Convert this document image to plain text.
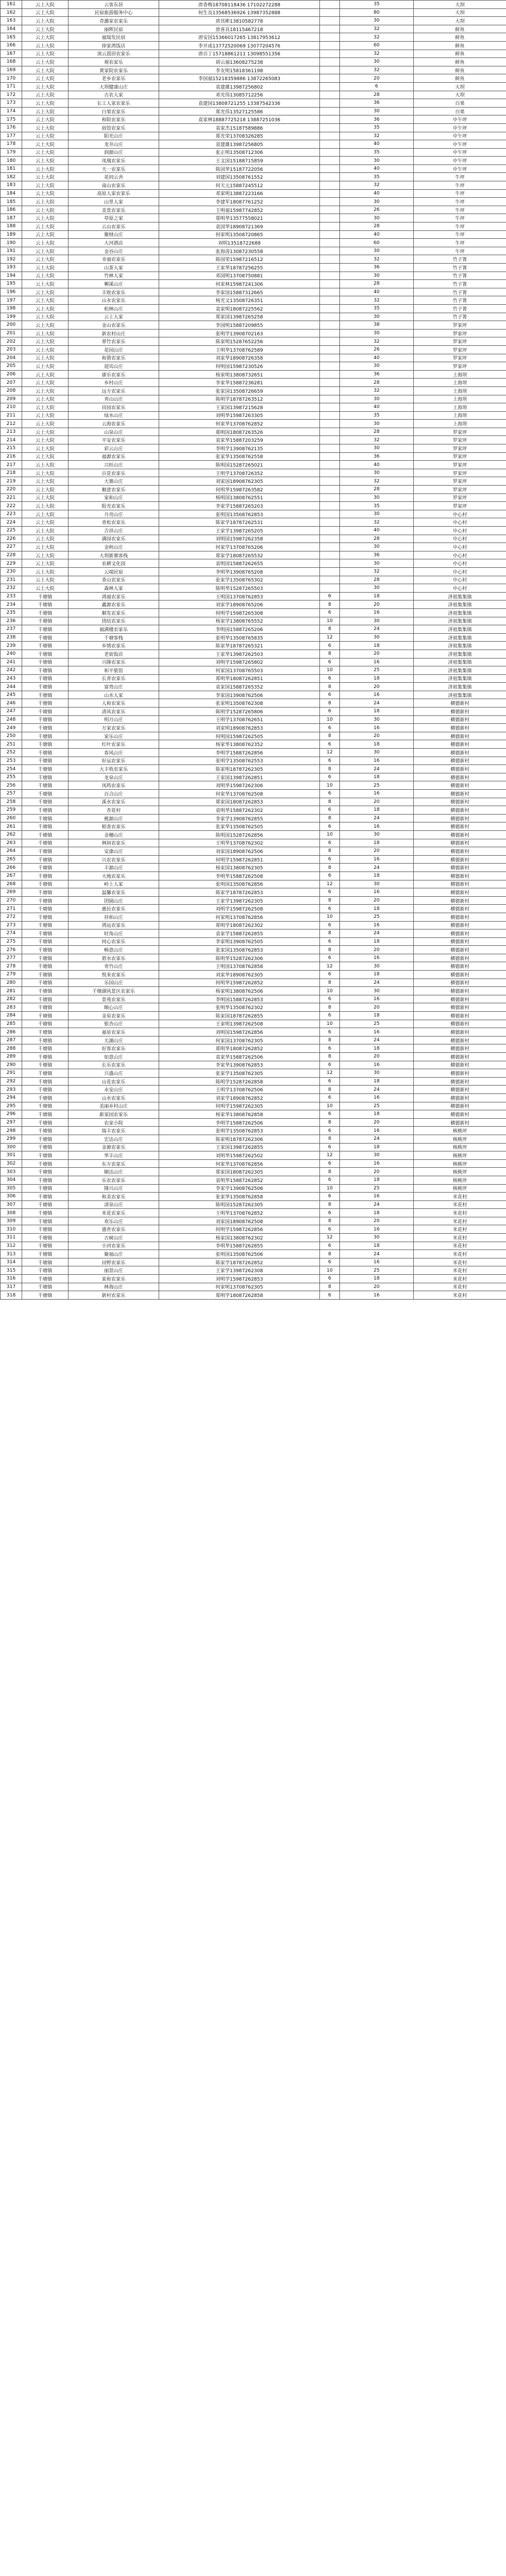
161	云上大院	云客东居	唐香梅18708118436 17102272288		35	大坝
162	云上大院	民宿旅游服务中心	何生良13568536926 13987352888		80	大坝
163	云上大院	奇潞家农家乐	唐其彬13810582778		30	大坝
164	云上大院	丽晖民宿	唐喜良18115467218		32	鲜鱼
165	云上大院	福瑞发民宿	唐安国15366017265 13817953612		32	鲜鱼
166	云上大院	徐家湾饭店	李开成13772520069 13077204576		60	鲜鱼
167	云上大院	顶云晨居农家乐	唐百丁15718861211 13098551356		32	鲜鱼
168	云上大院	观农家乐	胡云福13608275238		30	鲜鱼
169	云上大院	黄家院农家乐	李友明15818361198		32	鲜鱼
170	云上大院	老乡农家乐	李国福15218359886 13872265083		20	鲜鱼
171	云上大院	大坝健康山庄	袁建雄13987256802		6	大坝
172	云上大院	古农人家	邓光伟13085712256		28	大坝
173	云上大院	长工人家农家乐	袁建国13808721255 13387542336		36	白果
174	云上大院	白果农家乐	郑光伟13527125586		30	白果
175	云上大院	和院农家乐	袁家林18887725218 13887251036		36	中午坪
176	云上大院	宿馆农家乐	袁家杰15187589886		35	中午坪
177	云上大院	阳光山庄	郑光荣13708326285		32	中午坪
178	云上大院	龙井山庄	袁建雄13987256805		40	中午坪
179	云上大院	润源山庄	张正明13508712306		35	中午坪
180	云上大院	凤凰农家乐	王文国15188715859		30	中午坪
181	云上大院	天一农家乐	陈国华15187722056		40	中午坪
182	云上大院	花间云舍	刘建国13508761552		35	牛坪
183	云上大院	南山农家乐	何天元15887245512		32	牛坪
184	云上大院	高原人家农家乐	邓家明13887223166		40	牛坪
185	云上大院	山里人家	李建军18087761252		30	牛坪
186	云上大院	美景农家乐	王明福15987742852		26	牛坪
187	云上大院	草原之家	郑明华13577558021		30	牛坪
188	云上大院	云山农家乐	袁国华18908721369		28	牛坪
189	云上大院	聚财山庄	何家明13508720865		40	牛坪
190	云上大院	大河酒店	刘明13518722688		60	牛坪
191	云上大院	金谷山庄	张海涛13087230558		30	牛坪
192	云上大院	幸福农家乐	陈国荣15987216512		32	竹子箐
193	云上大院	山茶人家	王家华18787256255		36	竹子箐
194	云上大院	竹林人家	邓国明13708750881		30	竹子箐
195	云上大院	柳溪山庄	何家林15987241306		28	竹子箐
196	云上大院	丰收农家乐	李家国15887312665		40	竹子箐
197	云上大院	山水农家乐	杨光文13508726351		32	竹子箐
198	云上大院	松林山庄	袁家明18087225562		35	竹子箐
199	云上大院	云上人家	郑家国13987265258		30	竹子箐
200	云上大院	金山农家乐	李国明15887209855		38	罗家坪
201	云上大院	新农村山庄	张明学13908702163		30	罗家坪
202	云上大院	翠竹农家乐	陈家明15287652256		32	罗家坪
203	云上大院	花园山庄	王明华13708762589		26	罗家坪
204	云上大院	和谐农家乐	刘家华18908726358		40	罗家坪
205	云上大院	迎宾山庄	何明国15987230526		30	罗家坪
206	云上大院	康乐农家乐	杨家明13808732651		36	上海坝
207	云上大院	乡村山庄	李家华15887236281		28	上海坝
208	云上大院	远方农家乐	张家国13508726659		32	上海坝
209	云上大院	青山山庄	陈明学18787263512		30	上海坝
210	云上大院	田园农家乐	王家国13987215628		40	上海坝
211	云上大院	绿水山庄	刘明华15987263305		35	上海坝
212	云上大院	云海农家乐	何家华13708762852		30	上海坝
213	云上大院	山泉山庄	郑明国18087263526		28	罗家坪
214	云上大院	平安农家乐	袁家华15887203259		32	罗家坪
215	云上大院	彩云山庄	李明学13908762135		30	罗家坪
216	云上大院	福源农家乐	张家华13508762558		36	罗家坪
217	云上大院	兴旺山庄	陈明国15287265021		40	罗家坪
218	云上大院	百花农家乐	王明学13708726352		30	罗家坪
219	云上大院	大寨山庄	刘家国18908762305		32	罗家坪
220	云上大院	顺意农家乐	何明华15987263582		28	罗家坪
221	云上大院	家和山庄	杨明国13808762551		30	罗家坪
222	云上大院	阳光农家乐	李家学15887265203		35	罗家坪
223	云上大院	月亮山庄	张明国13508762853		30	中心村
224	云上大院	青松农家乐	陈家学18787262531		32	中心村
225	云上大院	吉祥山庄	王家学13987265205		40	中心村
226	云上大院	满园农家乐	刘明国15987262358		28	中心村
227	云上大院	金秋山庄	何家学13708765206		30	中心村
228	云上大院	大坝新寨客栈	郑家学18087265532		36	中心村
229	云上大院	农耕文化园	袁明国15887262655		30	中心村
230	云上大院	云端民宿	李明华13908765208		32	中心村
231	云上大院	香山农家乐	张家学13508765302		28	中心村
232	云上大院	森林人家	陈明华15287265503		30	中心村
233	千塘镇	鸿福农家乐	王明国13708762853	6	18	济祖集集镇
234	千塘镇	鑫源农家乐	刘家学18908765206	8	20	济祖集集镇
235	千塘镇	顺发农家乐	何明学15987265308	6	16	济祖集集镇
236	千塘镇	团结农家乐	杨家学13808765552	10	30	济祖集集镇
237	千塘镇	福满楼农家乐	李明国15887265206	8	24	济祖集集镇
238	千塘镇	千塘客栈	张明华13508765835	12	30	济祖集集镇
239	千塘镇	乡情农家乐	陈家华18787265321	6	18	济祖集集镇
240	千塘镇	老街饭店	王家华13987262503	8	20	济祖集集镇
241	千塘镇	兴隆农家乐	刘明学15987265802	6	16	济祖集集镇
242	千塘镇	和平旅馆	何家国13708765503	10	25	济祖集集镇
243	千塘镇	长青农家乐	郑明华18087262851	6	18	济祖集集镇
244	千塘镇	富贵山庄	袁家国15887265352	8	20	济祖集集镇
245	千塘镇	山水人家	李家国13908762506	6	16	济祖集集镇
246	千塘镇	人和农家乐	张家明13508762308	8	24	横德新村
247	千塘镇	清风农家乐	陈明学15287265806	6	18	横德新村
248	千塘镇	明月山庄	王明学13708762651	10	30	横德新村
249	千塘镇	万家农家乐	刘家明18908762853	6	16	横德新村
250	千塘镇	家乐山庄	何明国15987262505	8	20	横德新村
251	千塘镇	红叶农家乐	杨家华13808762352	6	18	横德新村
252	千塘镇	春风山庄	李明学15887262856	12	30	横德新村
253	千塘镇	好运农家乐	张明学13508762553	6	16	横德新村
254	千塘镇	大丰收农家乐	陈家明18787262305	8	24	横德新村
255	千塘镇	龙泉山庄	王家国13987262851	6	18	横德新村
256	千塘镇	凤鸣农家乐	刘明华15987262306	10	25	横德新村
257	千塘镇	百合山庄	何家华13708762508	6	16	横德新村
258	千塘镇	溪水农家乐	郑家国18087262853	8	20	横德新村
259	千塘镇	杏花村	袁明华15887262302	6	18	横德新村
260	千塘镇	桃源山庄	李家学13908762855	8	24	横德新村
261	千塘镇	稻香农家乐	张家华13508762505	6	16	横德新村
262	千塘镇	金穗山庄	陈明国15287262856	10	30	横德新村
263	千塘镇	林间农家乐	王明华13708762302	6	18	横德新村
264	千塘镇	安康山庄	刘家国18908762506	8	20	横德新村
265	千塘镇	兴农农家乐	何明学15987262851	6	16	横德新村
266	千塘镇	丰源山庄	杨家国13808762305	8	24	横德新村
267	千塘镇	大地农家乐	李明华15887262508	6	18	横德新村
268	千塘镇	岭上人家	张明国13508762856	12	30	横德新村
269	千塘镇	温馨农家乐	陈家学18787262853	6	16	横德新村
270	千塘镇	团圆山庄	王家学13987262305	8	20	横德新村
271	千塘镇	惠民农家乐	刘明学15987262508	6	18	横德新村
272	千塘镇	祥和山庄	何家明13708762856	10	25	横德新村
273	千塘镇	鸿运农家乐	郑明学18087262302	6	16	横德新村
274	千塘镇	旺角山庄	袁家学15887262855	8	24	横德新村
275	千塘镇	同心农家乐	李家明13908762505	6	18	横德新村
276	千塘镇	畅意山庄	张家国13508762853	8	20	横德新村
277	千塘镇	碧水农家乐	陈明华15287262306	6	16	横德新村
278	千塘镇	青竹山庄	王明国13708762858	12	30	横德新村
279	千塘镇	悦来农家乐	刘家华18908762305	6	18	横德新村
280	千塘镇	乐园山庄	何明华15987262852	8	24	横德新村
281	千塘镇	千塘湖风景区农家乐	杨家明13808762506	10	30	横德新村
282	千塘镇	景苑农家乐	李明国15887262853	6	16	横德新村
283	千塘镇	顺心山庄	张明华13508762302	8	20	横德新村
284	千塘镇	金星农家乐	陈家国18787262855	6	18	横德新村
285	千塘镇	银杏山庄	王家明13987262508	10	25	横德新村
286	千塘镇	福星农家乐	刘明国15987262856	6	16	横德新村
287	千塘镇	天湖山庄	何家国13708762305	8	24	横德新村
288	千塘镇	好客农家乐	郑明华18087262852	6	18	横德新村
289	千塘镇	如意山庄	袁家华15887262506	8	20	横德新村
290	千塘镇	长乐农家乐	李家华13908762853	6	16	横德新村
291	千塘镇	兴盛山庄	张家学13508762305	12	30	横德新村
292	千塘镇	山花农家乐	陈明学15287262858	6	18	横德新村
293	千塘镇	永安山庄	王明学13708762506	8	24	横德新村
294	千塘镇	山水农家乐	刘家学18908762852	6	16	横德新村
295	千塘镇	美丽乡村山庄	何明学15987262305	10	25	横德新村
296	千塘镇	新家园农家乐	杨家华13808762858	6	18	横德新村
297	千塘镇	农家小院	李明学15887262506	8	20	横德新村
298	千塘镇	瑞丰农家乐	张明学13508762853	6	16	核桃坪
299	千塘镇	宏达山庄	陈家明18787262306	8	24	核桃坪
300	千塘镇	金源农家乐	王家国13987262855	6	18	核桃坪
301	千塘镇	华丰山庄	刘明华15987262502	12	30	核桃坪
302	千塘镇	东方农家乐	何家华13708762856	6	16	核桃坪
303	千塘镇	顺达山庄	郑家国18087262305	8	20	核桃坪
304	千塘镇	乐农农家乐	袁明华15887262852	6	18	核桃坪
305	千塘镇	隆兴山庄	李家学13908762506	10	25	核桃坪
306	千塘镇	和美农家乐	张家华13508762858	6	16	米花村
307	千塘镇	清泉山庄	陈明国15287262305	8	24	米花村
308	千塘镇	米花农家乐	王明华13708762852	6	18	米花村
309	千塘镇	欢乐山庄	刘家国18908762508	8	20	米花村
310	千塘镇	盛世农家乐	何明学15987262856	6	16	米花村
311	千塘镇	古树山庄	杨家国13808762302	12	30	米花村
312	千塘镇	小河农家乐	李明华15887262855	6	18	米花村
313	千塘镇	聚福山庄	张明国13508762506	8	24	米花村
314	千塘镇	田野农家乐	陈家学18787262852	6	16	米花村
315	千塘镇	丽景山庄	王家学13987262308	10	25	米花村
316	千塘镇	家和农家乐	刘明学15987262853	6	18	米花村
317	千塘镇	林海山庄	何家明13708762305	8	20	米花村
318	千塘镇	新村农家乐	郑明学18087262858	6	16	米花村
